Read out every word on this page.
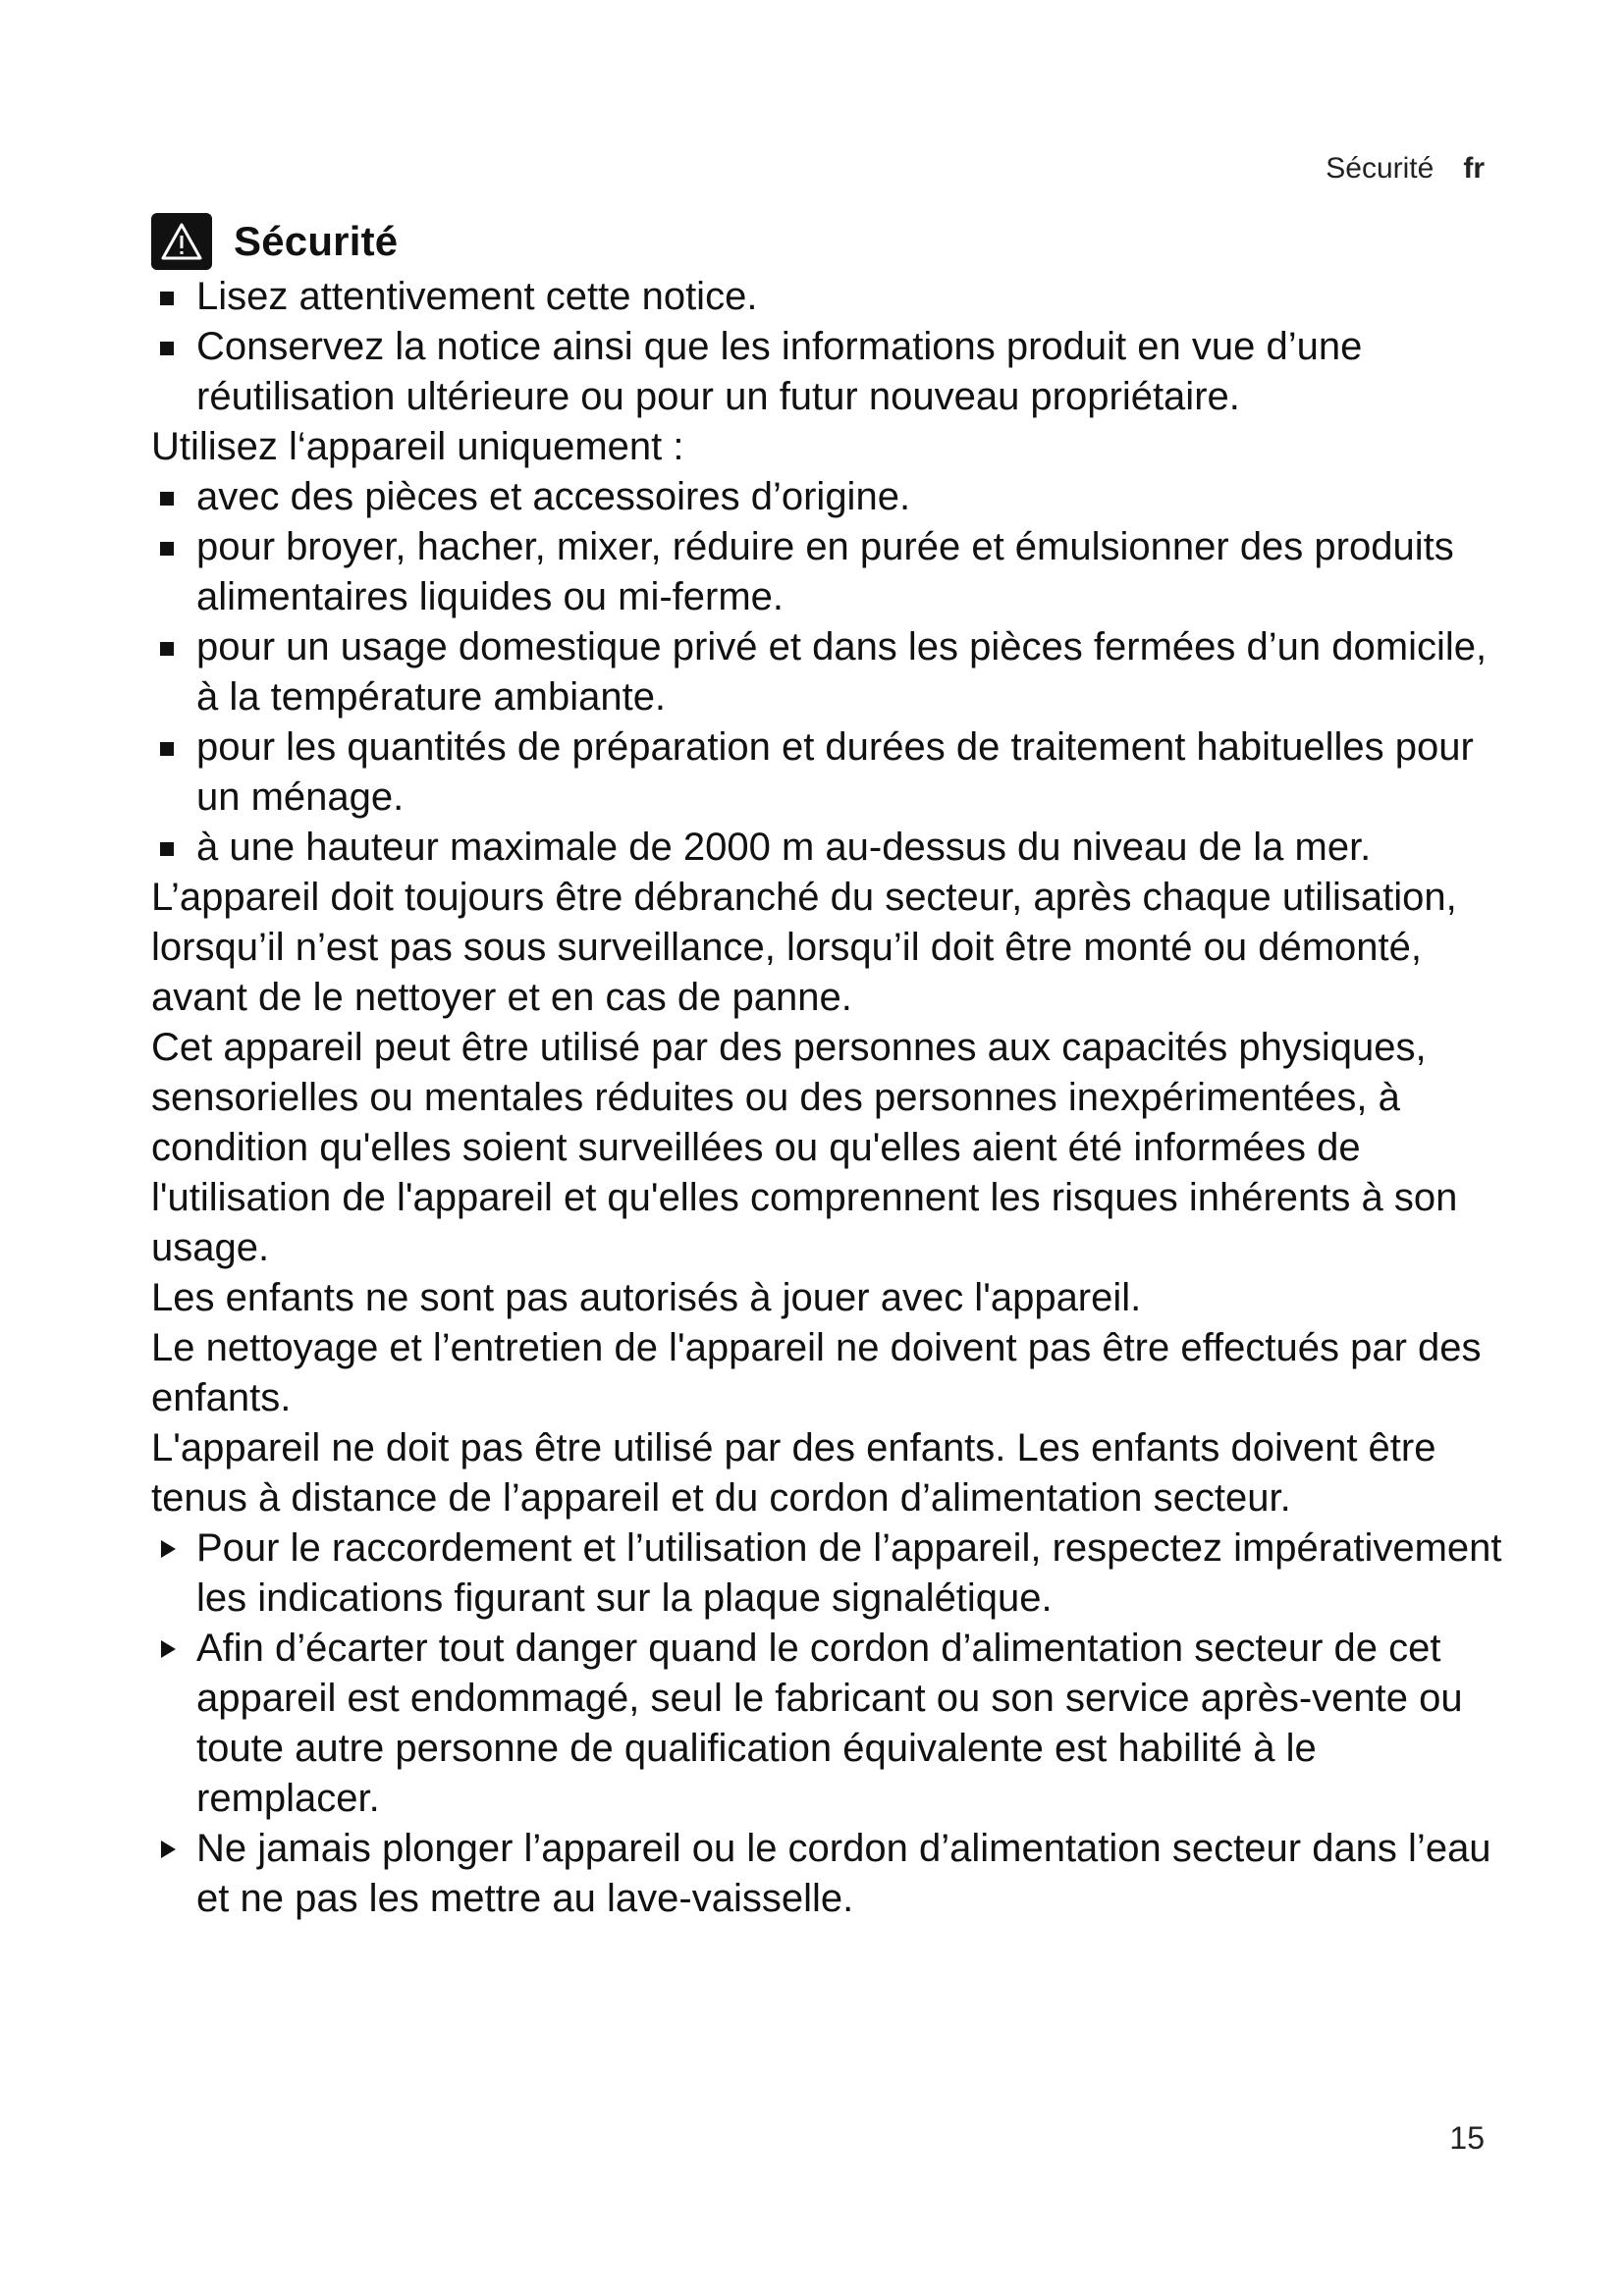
Sécurité fr
Sécurité

Lisez attentivement cette notice.

Conservez la notice ainsi que les informations produit en vue d’une réutilisation ultérieure ou pour un futur nouveau propriétaire.

Utilisez l‘appareil uniquement :

avec des pièces et accessoires d’origine.

pour broyer, hacher, mixer, réduire en purée et émulsionner des produits alimentaires liquides ou mi-ferme.

pour un usage domestique privé et dans les pièces fermées d’un domicile, à la température ambiante.

pour les quantités de préparation et durées de traitement habituelles pour un ménage.

à une hauteur maximale de 2000 m au-dessus du niveau de la mer.

L’appareil doit toujours être débranché du secteur, après chaque utilisation, lorsqu’il n’est pas sous surveillance, lorsqu’il doit être monté ou démonté, avant de le nettoyer et en cas de panne.

Cet appareil peut être utilisé par des personnes aux capacités physiques, sensorielles ou mentales réduites ou des personnes inexpérimentées, à condition qu'elles soient surveillées ou qu'elles aient été informées de l'utilisation de l'appareil et qu'elles comprennent les risques inhérents à son usage.

Les enfants ne sont pas autorisés à jouer avec l'appareil.

Le nettoyage et l’entretien de l'appareil ne doivent pas être effectués par des enfants.

L'appareil ne doit pas être utilisé par des enfants. Les enfants doivent être tenus à distance de l’appareil et du cordon d’alimentation secteur.

Pour le raccordement et l’utilisation de l’appareil, respectez impérativement les indications figurant sur la plaque signalétique.

Afin d’écarter tout danger quand le cordon d’alimentation secteur de cet appareil est endommagé, seul le fabricant ou son service après-vente ou toute autre personne de qualification équivalente est habilité à le remplacer.

Ne jamais plonger l’appareil ou le cordon d’alimentation secteur dans l’eau et ne pas les mettre au lave-vaisselle.

15
